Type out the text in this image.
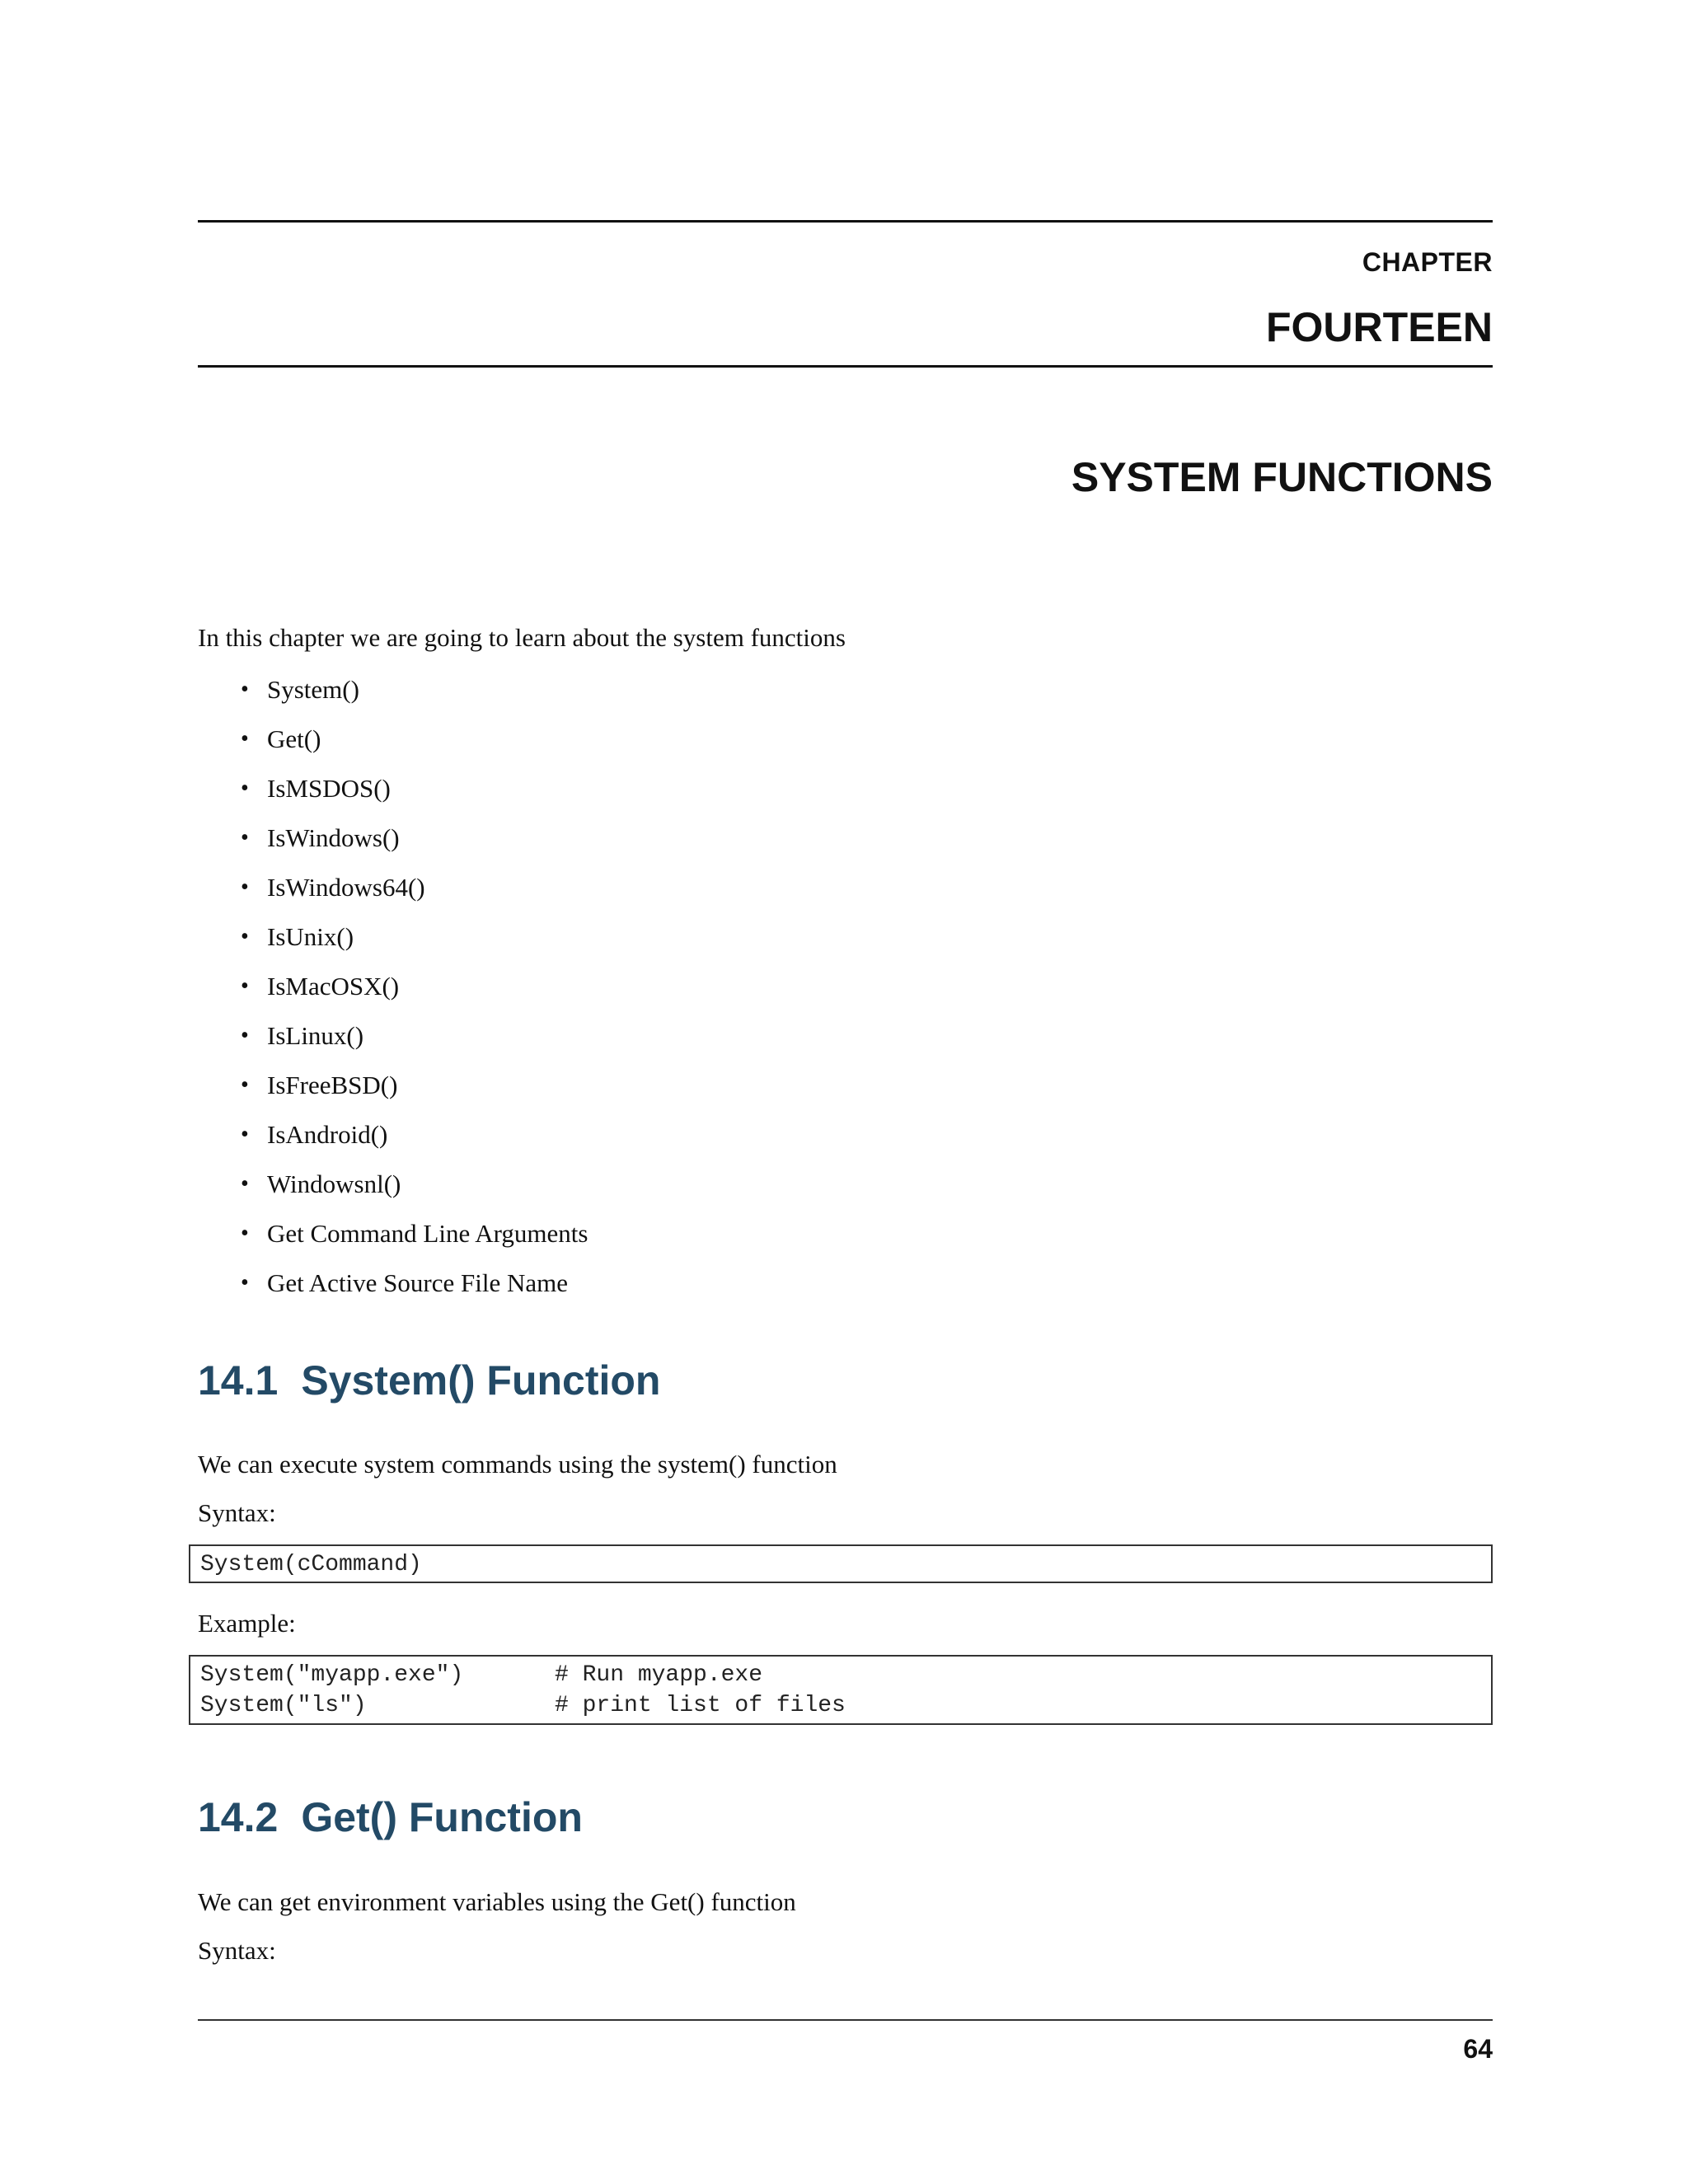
CHAPTER
FOURTEEN
SYSTEM FUNCTIONS
In this chapter we are going to learn about the system functions
• System()
• Get()
• IsMSDOS()
• IsWindows()
• IsWindows64()
• IsUnix()
• IsMacOSX()
• IsLinux()
• IsFreeBSD()
• IsAndroid()
• Windowsnl()
• Get Command Line Arguments
• Get Active Source File Name
14.1 System() Function
We can execute system commands using the system() function
Syntax:
System(cCommand)
Example:
System("myapp.exe")	# Run myapp.exe
System("ls")	# print list of files
14.2 Get() Function
We can get environment variables using the Get() function
Syntax:
64
